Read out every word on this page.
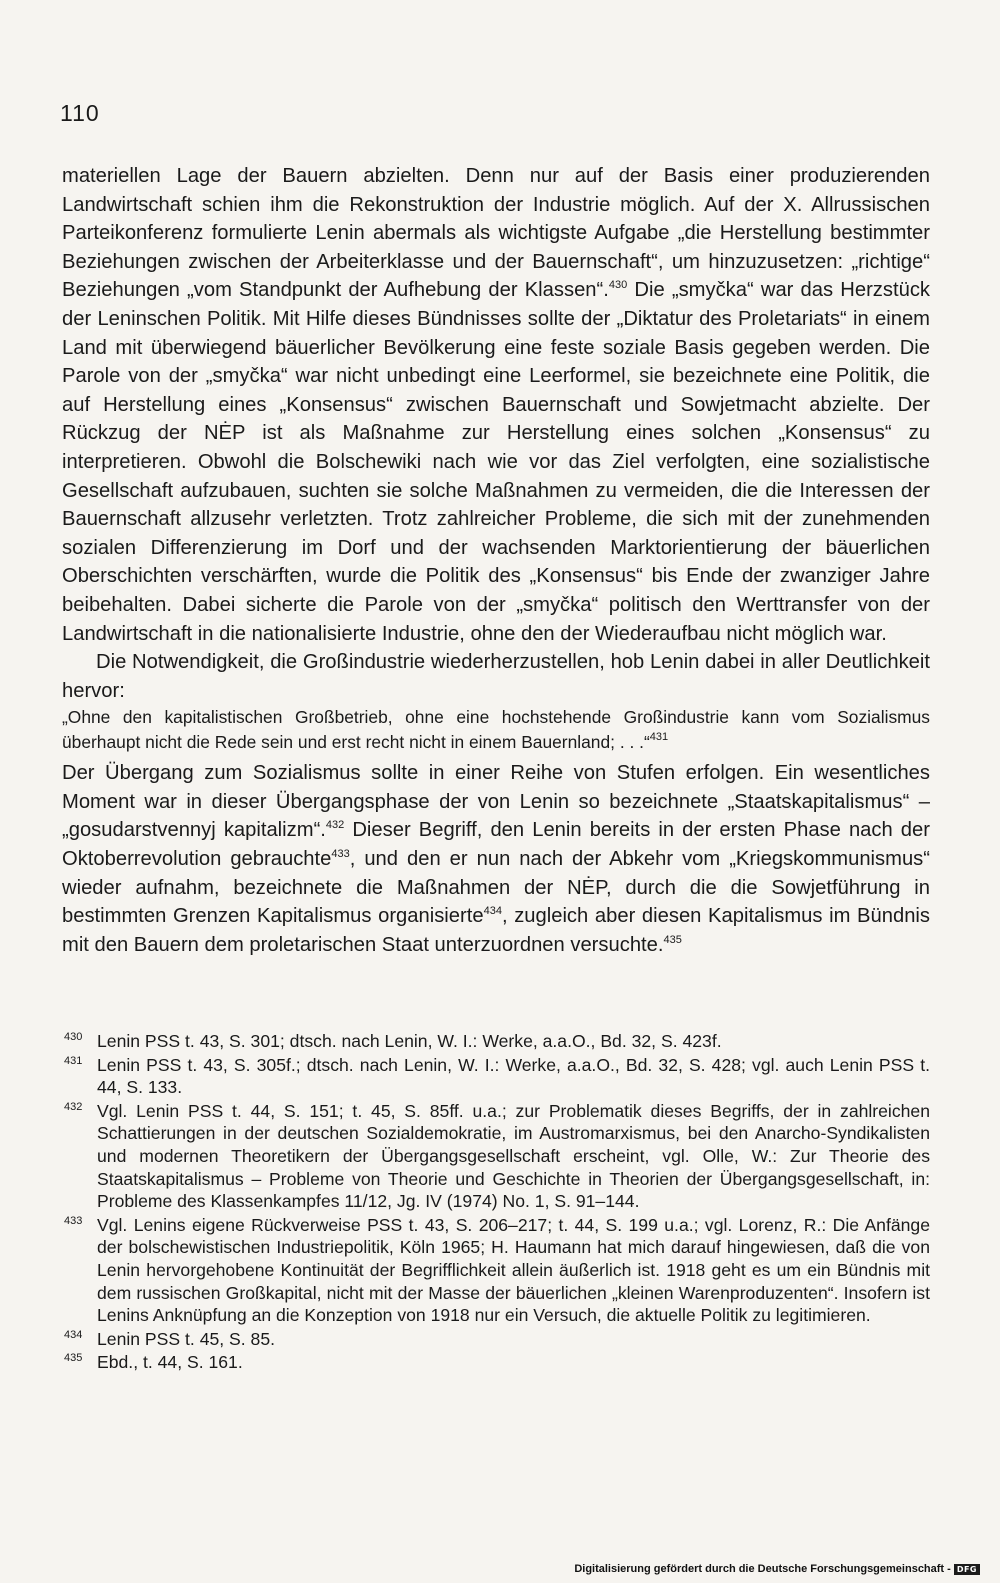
110

materiellen Lage der Bauern abzielten. Denn nur auf der Basis einer produzierenden Landwirtschaft schien ihm die Rekonstruktion der Industrie möglich. Auf der X. Allrussischen Parteikonferenz formulierte Lenin abermals als wichtigste Aufgabe „die Herstellung bestimmter Beziehungen zwischen der Arbeiterklasse und der Bauernschaft“, um hinzuzusetzen: „richtige“ Beziehungen „vom Standpunkt der Aufhebung der Klassen“.$^{430}$ Die „smyčka“ war das Herzstück der Leninschen Politik. Mit Hilfe dieses Bündnisses sollte der „Diktatur des Proletariats“ in einem Land mit überwiegend bäuerlicher Bevölkerung eine feste soziale Basis gegeben werden. Die Parole von der „smyčka“ war nicht unbedingt eine Leerformel, sie bezeichnete eine Politik, die auf Herstellung eines „Konsensus“ zwischen Bauernschaft und Sowjetmacht abzielte. Der Rückzug der NĖP ist als Maßnahme zur Herstellung eines solchen „Konsensus“ zu interpretieren. Obwohl die Bolschewiki nach wie vor das Ziel verfolgten, eine sozialistische Gesellschaft aufzubauen, suchten sie solche Maßnahmen zu vermeiden, die die Interessen der Bauernschaft allzusehr verletzten. Trotz zahlreicher Probleme, die sich mit der zunehmenden sozialen Differenzierung im Dorf und der wachsenden Marktorientierung der bäuerlichen Oberschichten verschärften, wurde die Politik des „Konsensus“ bis Ende der zwanziger Jahre beibehalten. Dabei sicherte die Parole von der „smyčka“ politisch den Werttransfer von der Landwirtschaft in die nationalisierte Industrie, ohne den der Wiederaufbau nicht möglich war.

Die Notwendigkeit, die Großindustrie wiederherzustellen, hob Lenin dabei in aller Deutlichkeit hervor:

„Ohne den kapitalistischen Großbetrieb, ohne eine hochstehende Großindustrie kann vom Sozialismus überhaupt nicht die Rede sein und erst recht nicht in einem Bauernland; . . .“$^{431}$

Der Übergang zum Sozialismus sollte in einer Reihe von Stufen erfolgen. Ein wesentliches Moment war in dieser Übergangsphase der von Lenin so bezeichnete „Staatskapitalismus“ – „gosudarstvennyj kapitalizm“.$^{432}$ Dieser Begriff, den Lenin bereits in der ersten Phase nach der Oktoberrevolution gebrauchte$^{433}$, und den er nun nach der Abkehr vom „Kriegskommunismus“ wieder aufnahm, bezeichnete die Maßnahmen der NĖP, durch die die Sowjetführung in bestimmten Grenzen Kapitalismus organisierte$^{434}$, zugleich aber diesen Kapitalismus im Bündnis mit den Bauern dem proletarischen Staat unterzuordnen versuchte.$^{435}$

430 Lenin PSS t. 43, S. 301; dtsch. nach Lenin, W. I.: Werke, a.a.O., Bd. 32, S. 423f.
431 Lenin PSS t. 43, S. 305f.; dtsch. nach Lenin, W. I.: Werke, a.a.O., Bd. 32, S. 428; vgl. auch Lenin PSS t. 44, S. 133.
432 Vgl. Lenin PSS t. 44, S. 151; t. 45, S. 85ff. u.a.; zur Problematik dieses Begriffs, der in zahlreichen Schattierungen in der deutschen Sozialdemokratie, im Austromarxismus, bei den Anarcho-Syndikalisten und modernen Theoretikern der Übergangsgesellschaft erscheint, vgl. Olle, W.: Zur Theorie des Staatskapitalismus – Probleme von Theorie und Geschichte in Theorien der Übergangsgesellschaft, in: Probleme des Klassenkampfes 11/12, Jg. IV (1974) No. 1, S. 91–144.
433 Vgl. Lenins eigene Rückverweise PSS t. 43, S. 206–217; t. 44, S. 199 u.a.; vgl. Lorenz, R.: Die Anfänge der bolschewistischen Industriepolitik, Köln 1965; H. Haumann hat mich darauf hingewiesen, daß die von Lenin hervorgehobene Kontinuität der Begrifflichkeit allein äußerlich ist. 1918 geht es um ein Bündnis mit dem russischen Großkapital, nicht mit der Masse der bäuerlichen „kleinen Warenproduzenten“. Insofern ist Lenins Anknüpfung an die Konzeption von 1918 nur ein Versuch, die aktuelle Politik zu legitimieren.
434 Lenin PSS t. 45, S. 85.
435 Ebd., t. 44, S. 161.
Digitalisierung gefördert durch die Deutsche Forschungsgemeinschaft - DFG
